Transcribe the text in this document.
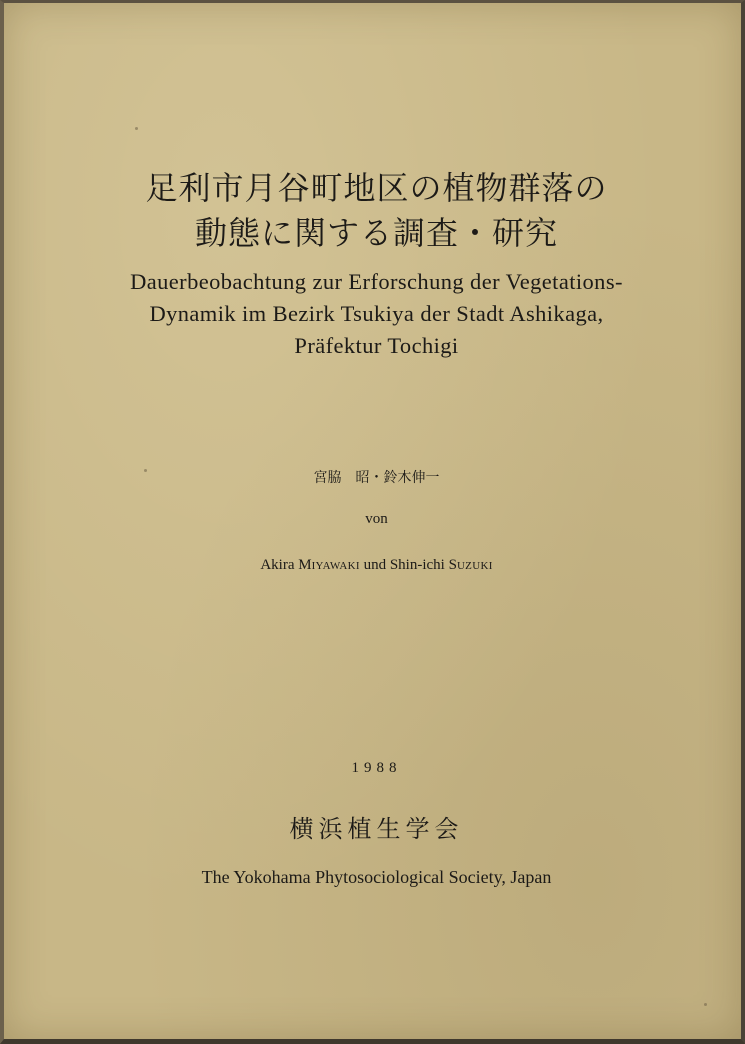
足利市月谷町地区の植物群落の
動態に関する調査・研究
Dauerbeobachtung zur Erforschung der Vegetations-
Dynamik im Bezirk Tsukiya der Stadt Ashikaga,
Präfektur Tochigi
宮脇　昭・鈴木伸一
von
Akira MIYAWAKI und Shin-ichi SUZUKI
1988
横浜植生学会
The Yokohama Phytosociological Society, Japan
